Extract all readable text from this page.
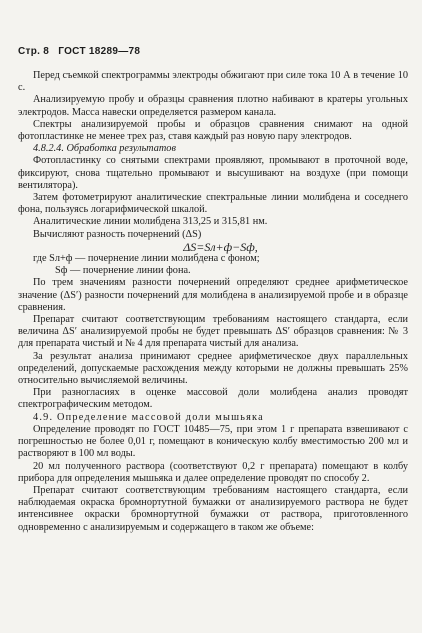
Стр. 8 ГОСТ 18289—78

Перед съемкой спектрограммы электроды обжигают при силе тока 10 А в течение 10 с.

Анализируемую пробу и образцы сравнения плотно набивают в кратеры угольных электродов. Масса навески определяется размером канала.

Спектры анализируемой пробы и образцов сравнения снимают на одной фотопластинке не менее трех раз, ставя каждый раз новую пару электродов.

4.8.2.4. Обработка результатов

Фотопластинку со снятыми спектрами проявляют, промывают в проточной воде, фиксируют, снова тщательно промывают и высушивают на воздухе (при помощи вентилятора).

Затем фотометрируют аналитические спектральные линии молибдена и соседнего фона, пользуясь логарифмической шкалой.

Аналитические линии молибдена 313,25 и 315,81 нм.

Вычисляют разность почернений (ΔS)

ΔS=Sл+ф−Sф,

где Sл+ф — почернение линии молибдена с фоном;

Sф — почернение линии фона.

По трем значениям разности почернений определяют среднее арифметическое значение (ΔS′) разности почернений для молибдена в анализируемой пробе и в образце сравнения.

Препарат считают соответствующим требованиям настоящего стандарта, если величина ΔS′ анализируемой пробы не будет превышать ΔS′ образцов сравнения: № 3 для препарата чистый и № 4 для препарата чистый для анализа.

За результат анализа принимают среднее арифметическое двух параллельных определений, допускаемые расхождения между которыми не должны превышать 25% относительно вычисляемой величины.

При разногласиях в оценке массовой доли молибдена анализ проводят спектрографическим методом.

4.9. Определение массовой доли мышьяка

Определение проводят по ГОСТ 10485—75, при этом 1 г препарата взвешивают с погрешностью не более 0,01 г, помещают в коническую колбу вместимостью 200 мл и растворяют в 100 мл воды.

20 мл полученного раствора (соответствуют 0,2 г препарата) помещают в колбу прибора для определения мышьяка и далее определение проводят по способу 2.

Препарат считают соответствующим требованиям настоящего стандарта, если наблюдаемая окраска бромнортутной бумажки от анализируемого раствора не будет интенсивнее окраски бромнортутной бумажки от раствора, приготовленного одновременно с анализируемым и содержащего в таком же объеме:
